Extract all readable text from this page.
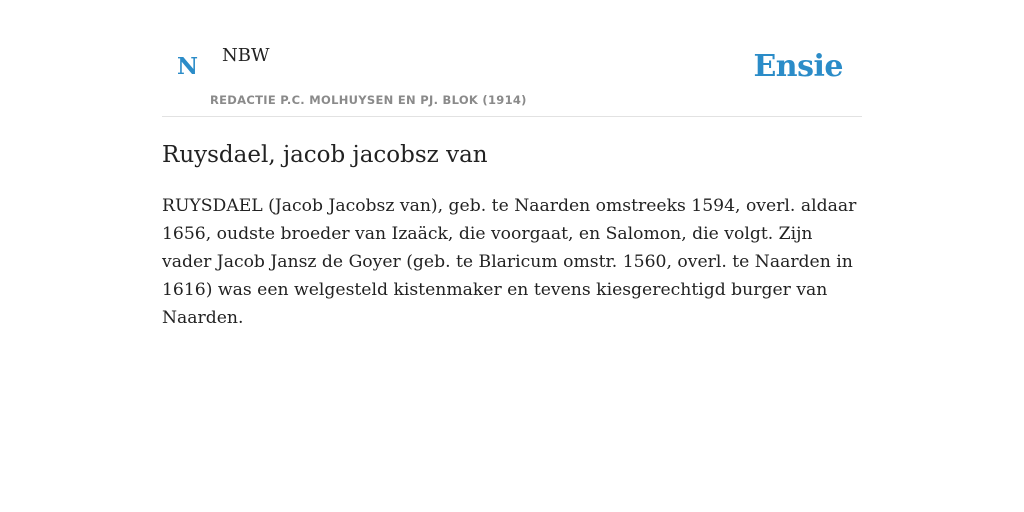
N NBW
REDACTIE P.C. MOLHUYSEN EN PJ. BLOK (1914)
Ensie
Ruysdael, jacob jacobsz van

RUYSDAEL (Jacob Jacobsz van), geb. te Naarden omstreeks 1594, overl. aldaar 1656, oudste broeder van Izaäck, die voorgaat, en Salomon, die volgt. Zijn vader Jacob Jansz de Goyer (geb. te Blaricum omstr. 1560, overl. te Naarden in 1616) was een welgesteld kistenmaker en tevens kiesgerechtigd burger van Naarden.
